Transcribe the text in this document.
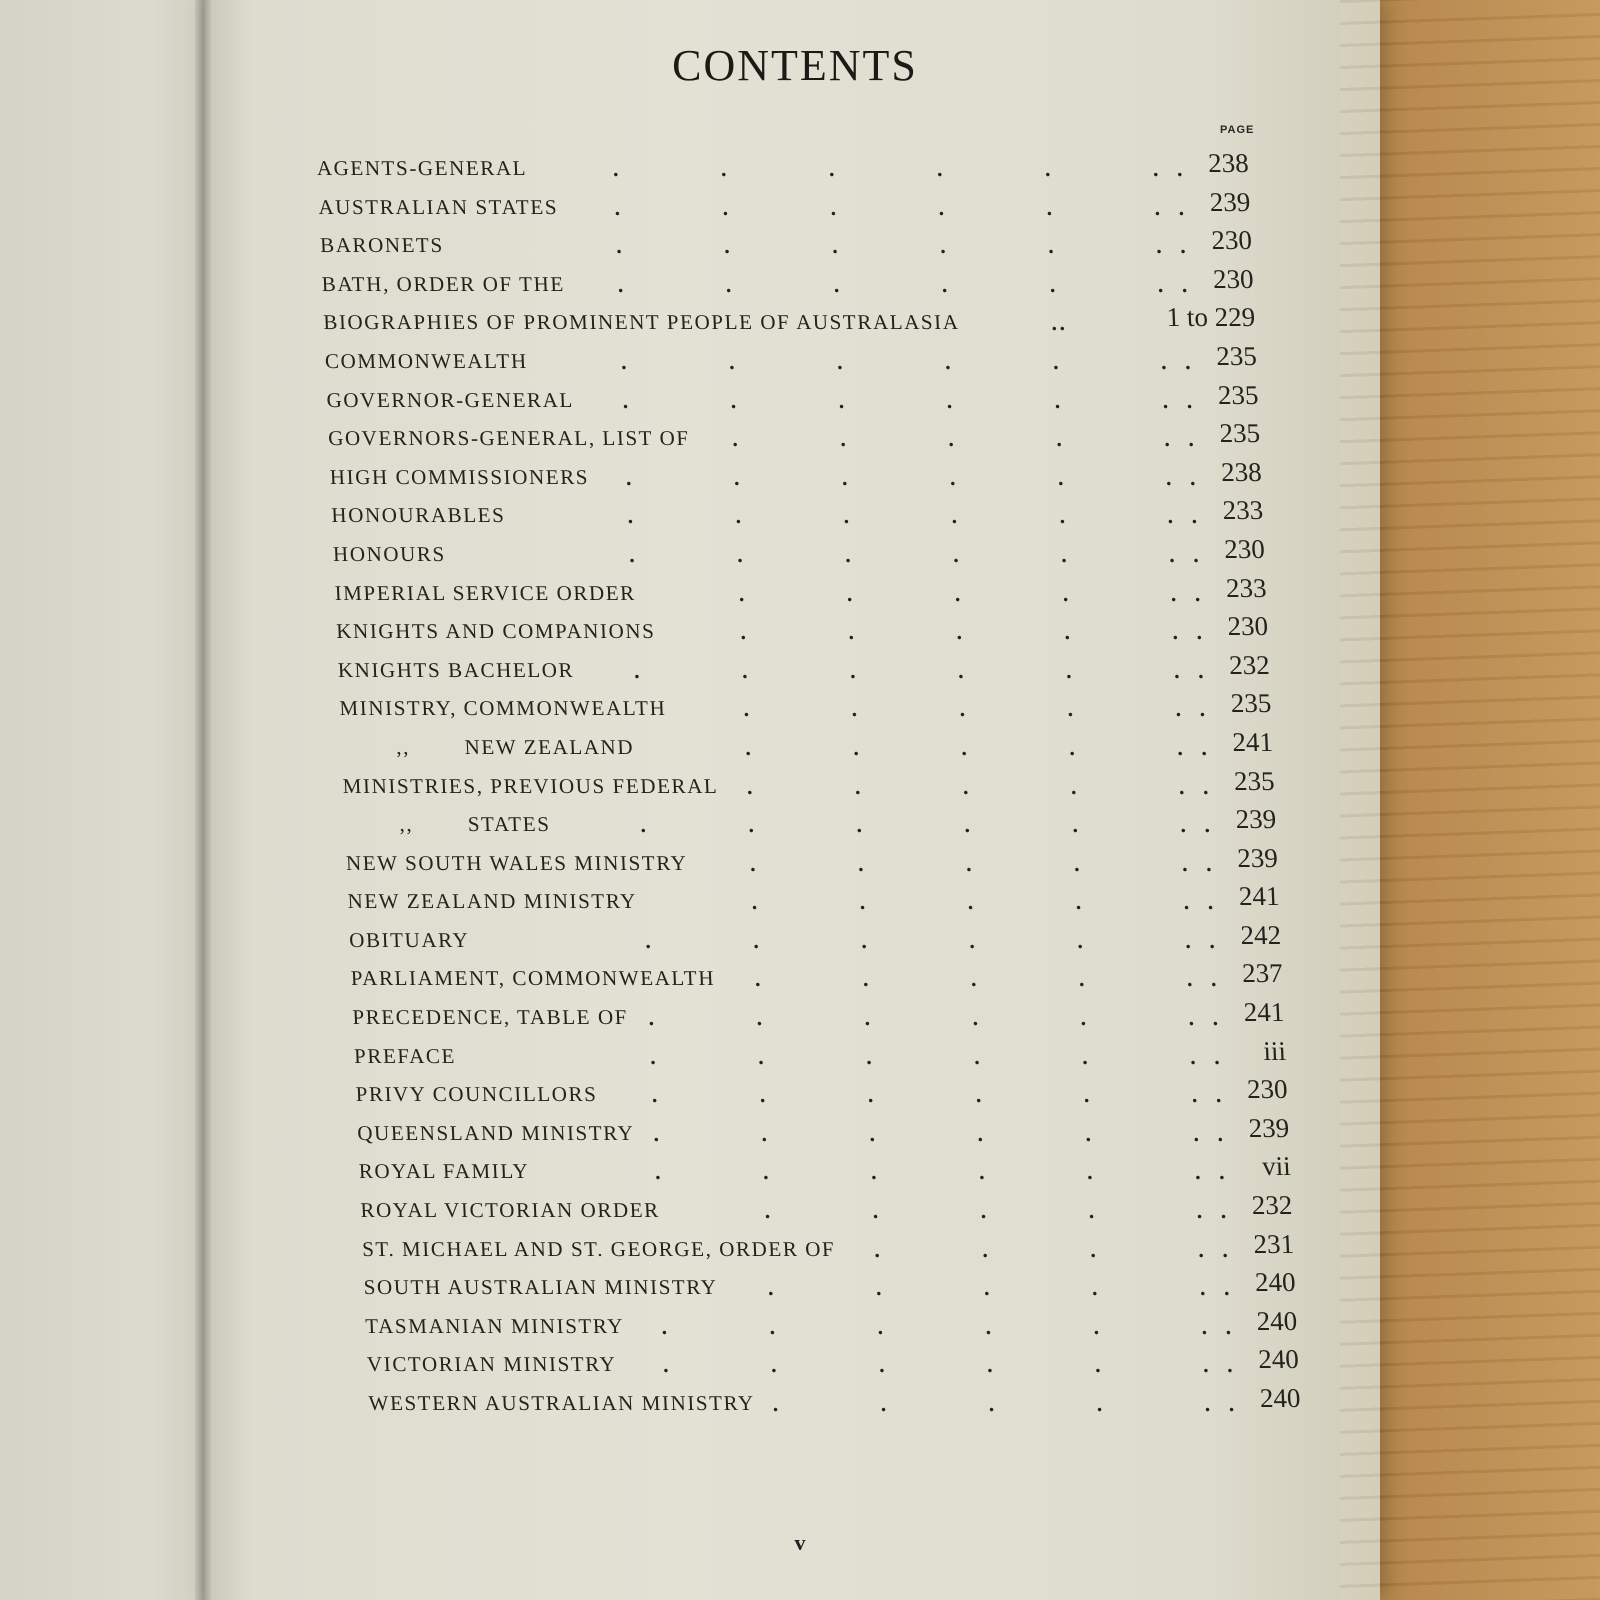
CONTENTS
PAGE
AGENTS-GENERAL	238
.	.	.	.	.	. .
AUSTRALIAN STATES	239
.	.	.	.	.	. .
BARONETS	230
.	.	.	.	.	. .
BATH, ORDER OF THE	230
.	.	.	.	.	. .
BIOGRAPHIES OF PROMINENT PEOPLE OF AUSTRALASIA	1 to 229
. .
COMMONWEALTH	235
.	.	.	.	.	. .
GOVERNOR-GENERAL	235
.	.	.	.	.	. .
GOVERNORS-GENERAL, LIST OF	235
.	.	.	.	. .
HIGH COMMISSIONERS	238
.	.	.	.	.	. .
HONOURABLES	233
.	.	.	.	.	. .
HONOURS	230
.	.	.	.	.	. .
IMPERIAL SERVICE ORDER	233
.	.	.	.	. .
KNIGHTS AND COMPANIONS	230
.	.	.	.	. .
KNIGHTS BACHELOR	232
.	.	.	.	.	. .
MINISTRY, COMMONWEALTH	235
.	.	.	.	. .
,,        NEW ZEALAND	241
.	.	.	.	. .
MINISTRIES, PREVIOUS FEDERAL	235
.	.	.	.	. .
,,        STATES	239
.	.	.	.	.	. .
NEW SOUTH WALES MINISTRY	239
.	.	.	.	. .
NEW ZEALAND MINISTRY	241
.	.	.	.	. .
OBITUARY	242
.	.	.	.	.	. .
PARLIAMENT, COMMONWEALTH	237
.	.	.	.	. .
PRECEDENCE, TABLE OF	241
.	.	.	.	.	. .
PREFACE	iii
.	.	.	.	.	. .
PRIVY COUNCILLORS	230
.	.	.	.	.	. .
QUEENSLAND MINISTRY	239
.	.	.	.	.	. .
ROYAL FAMILY	vii
.	.	.	.	.	. .
ROYAL VICTORIAN ORDER	232
.	.	.	.	. .
ST. MICHAEL AND ST. GEORGE, ORDER OF	231
.	.	.	. .
SOUTH AUSTRALIAN MINISTRY	240
.	.	.	.	. .
TASMANIAN MINISTRY	240
.	.	.	.	.	. .
VICTORIAN MINISTRY	240
.	.	.	.	.	. .
WESTERN AUSTRALIAN MINISTRY	240
.	.	.	.	. .
v
